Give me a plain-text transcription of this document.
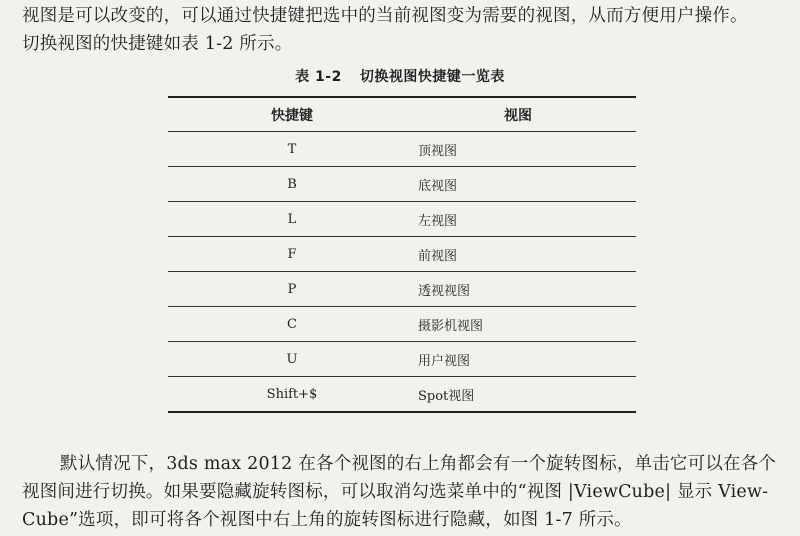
视图是可以改变的，可以通过快捷键把选中的当前视图变为需要的视图，从而方便用户操作。
切换视图的快捷键如表 1-2 所示。

表 1-2 切换视图快捷键一览表
快捷键	视图
T	顶视图
B	底视图
L	左视图
F	前视图
P	透视视图
C	摄影机视图
U	用户视图
Shift+$	Spot视图

默认情况下，3ds max 2012 在各个视图的右上角都会有一个旋转图标，单击它可以在各个
视图间进行切换。如果要隐藏旋转图标，可以取消勾选菜单中的“视图 |ViewCube| 显示 View-
Cube”选项，即可将各个视图中右上角的旋转图标进行隐藏，如图 1-7 所示。
